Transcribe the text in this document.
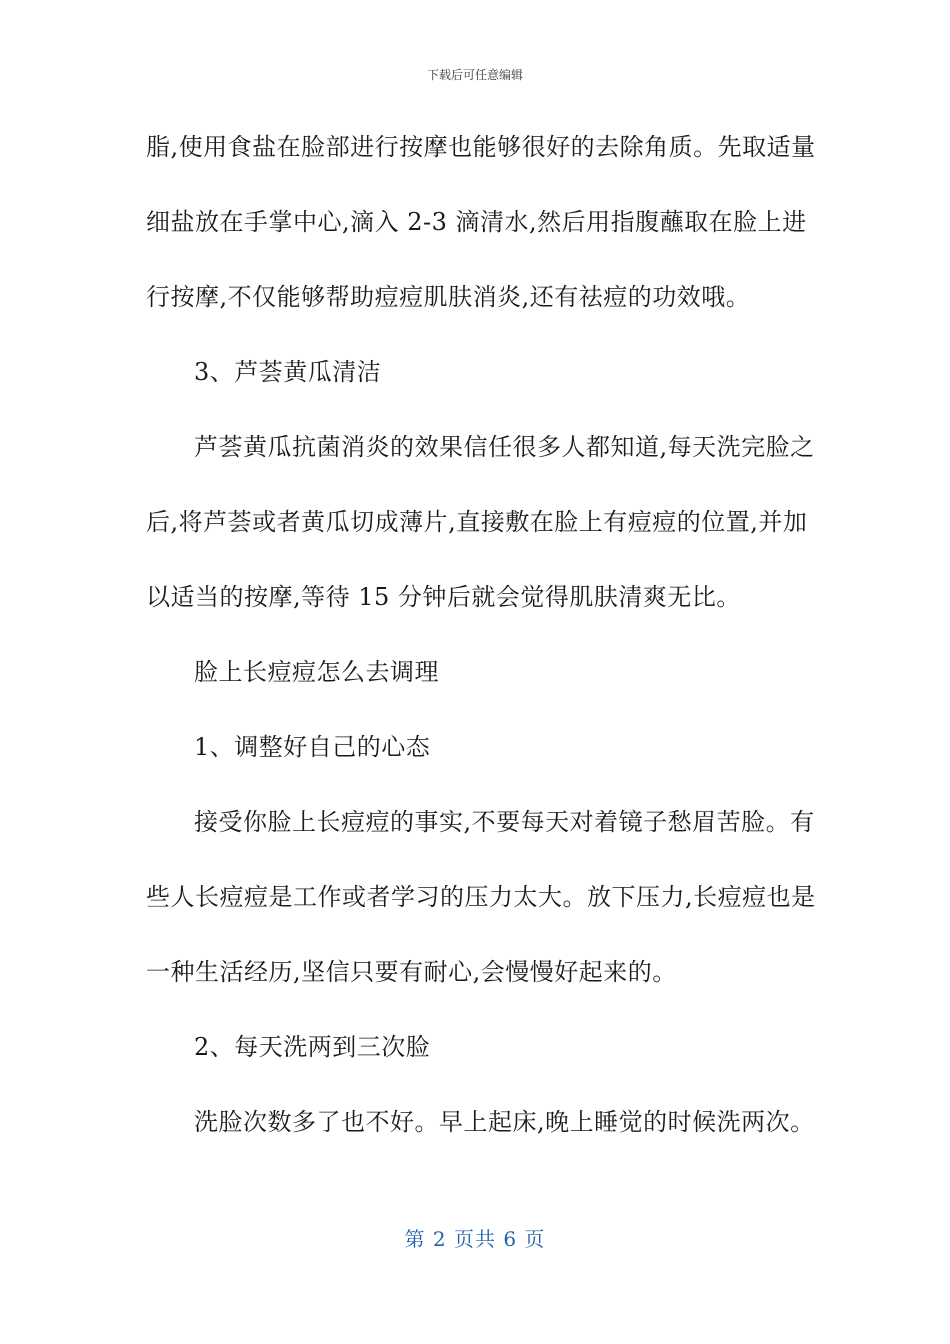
下载后可任意编辑
脂,使用食盐在脸部进行按摩也能够很好的去除角质。先取适量
细盐放在手掌中心,滴入 2-3 滴清水,然后用指腹蘸取在脸上进
行按摩,不仅能够帮助痘痘肌肤消炎,还有祛痘的功效哦。
3、芦荟黄瓜清洁
芦荟黄瓜抗菌消炎的效果信任很多人都知道,每天洗完脸之
后,将芦荟或者黄瓜切成薄片,直接敷在脸上有痘痘的位置,并加
以适当的按摩,等待 15 分钟后就会觉得肌肤清爽无比。
脸上长痘痘怎么去调理
1、调整好自己的心态
接受你脸上长痘痘的事实,不要每天对着镜子愁眉苦脸。有
些人长痘痘是工作或者学习的压力太大。放下压力,长痘痘也是
一种生活经历,坚信只要有耐心,会慢慢好起来的。
2、每天洗两到三次脸
洗脸次数多了也不好。早上起床,晚上睡觉的时候洗两次。
第 2 页共 6 页
